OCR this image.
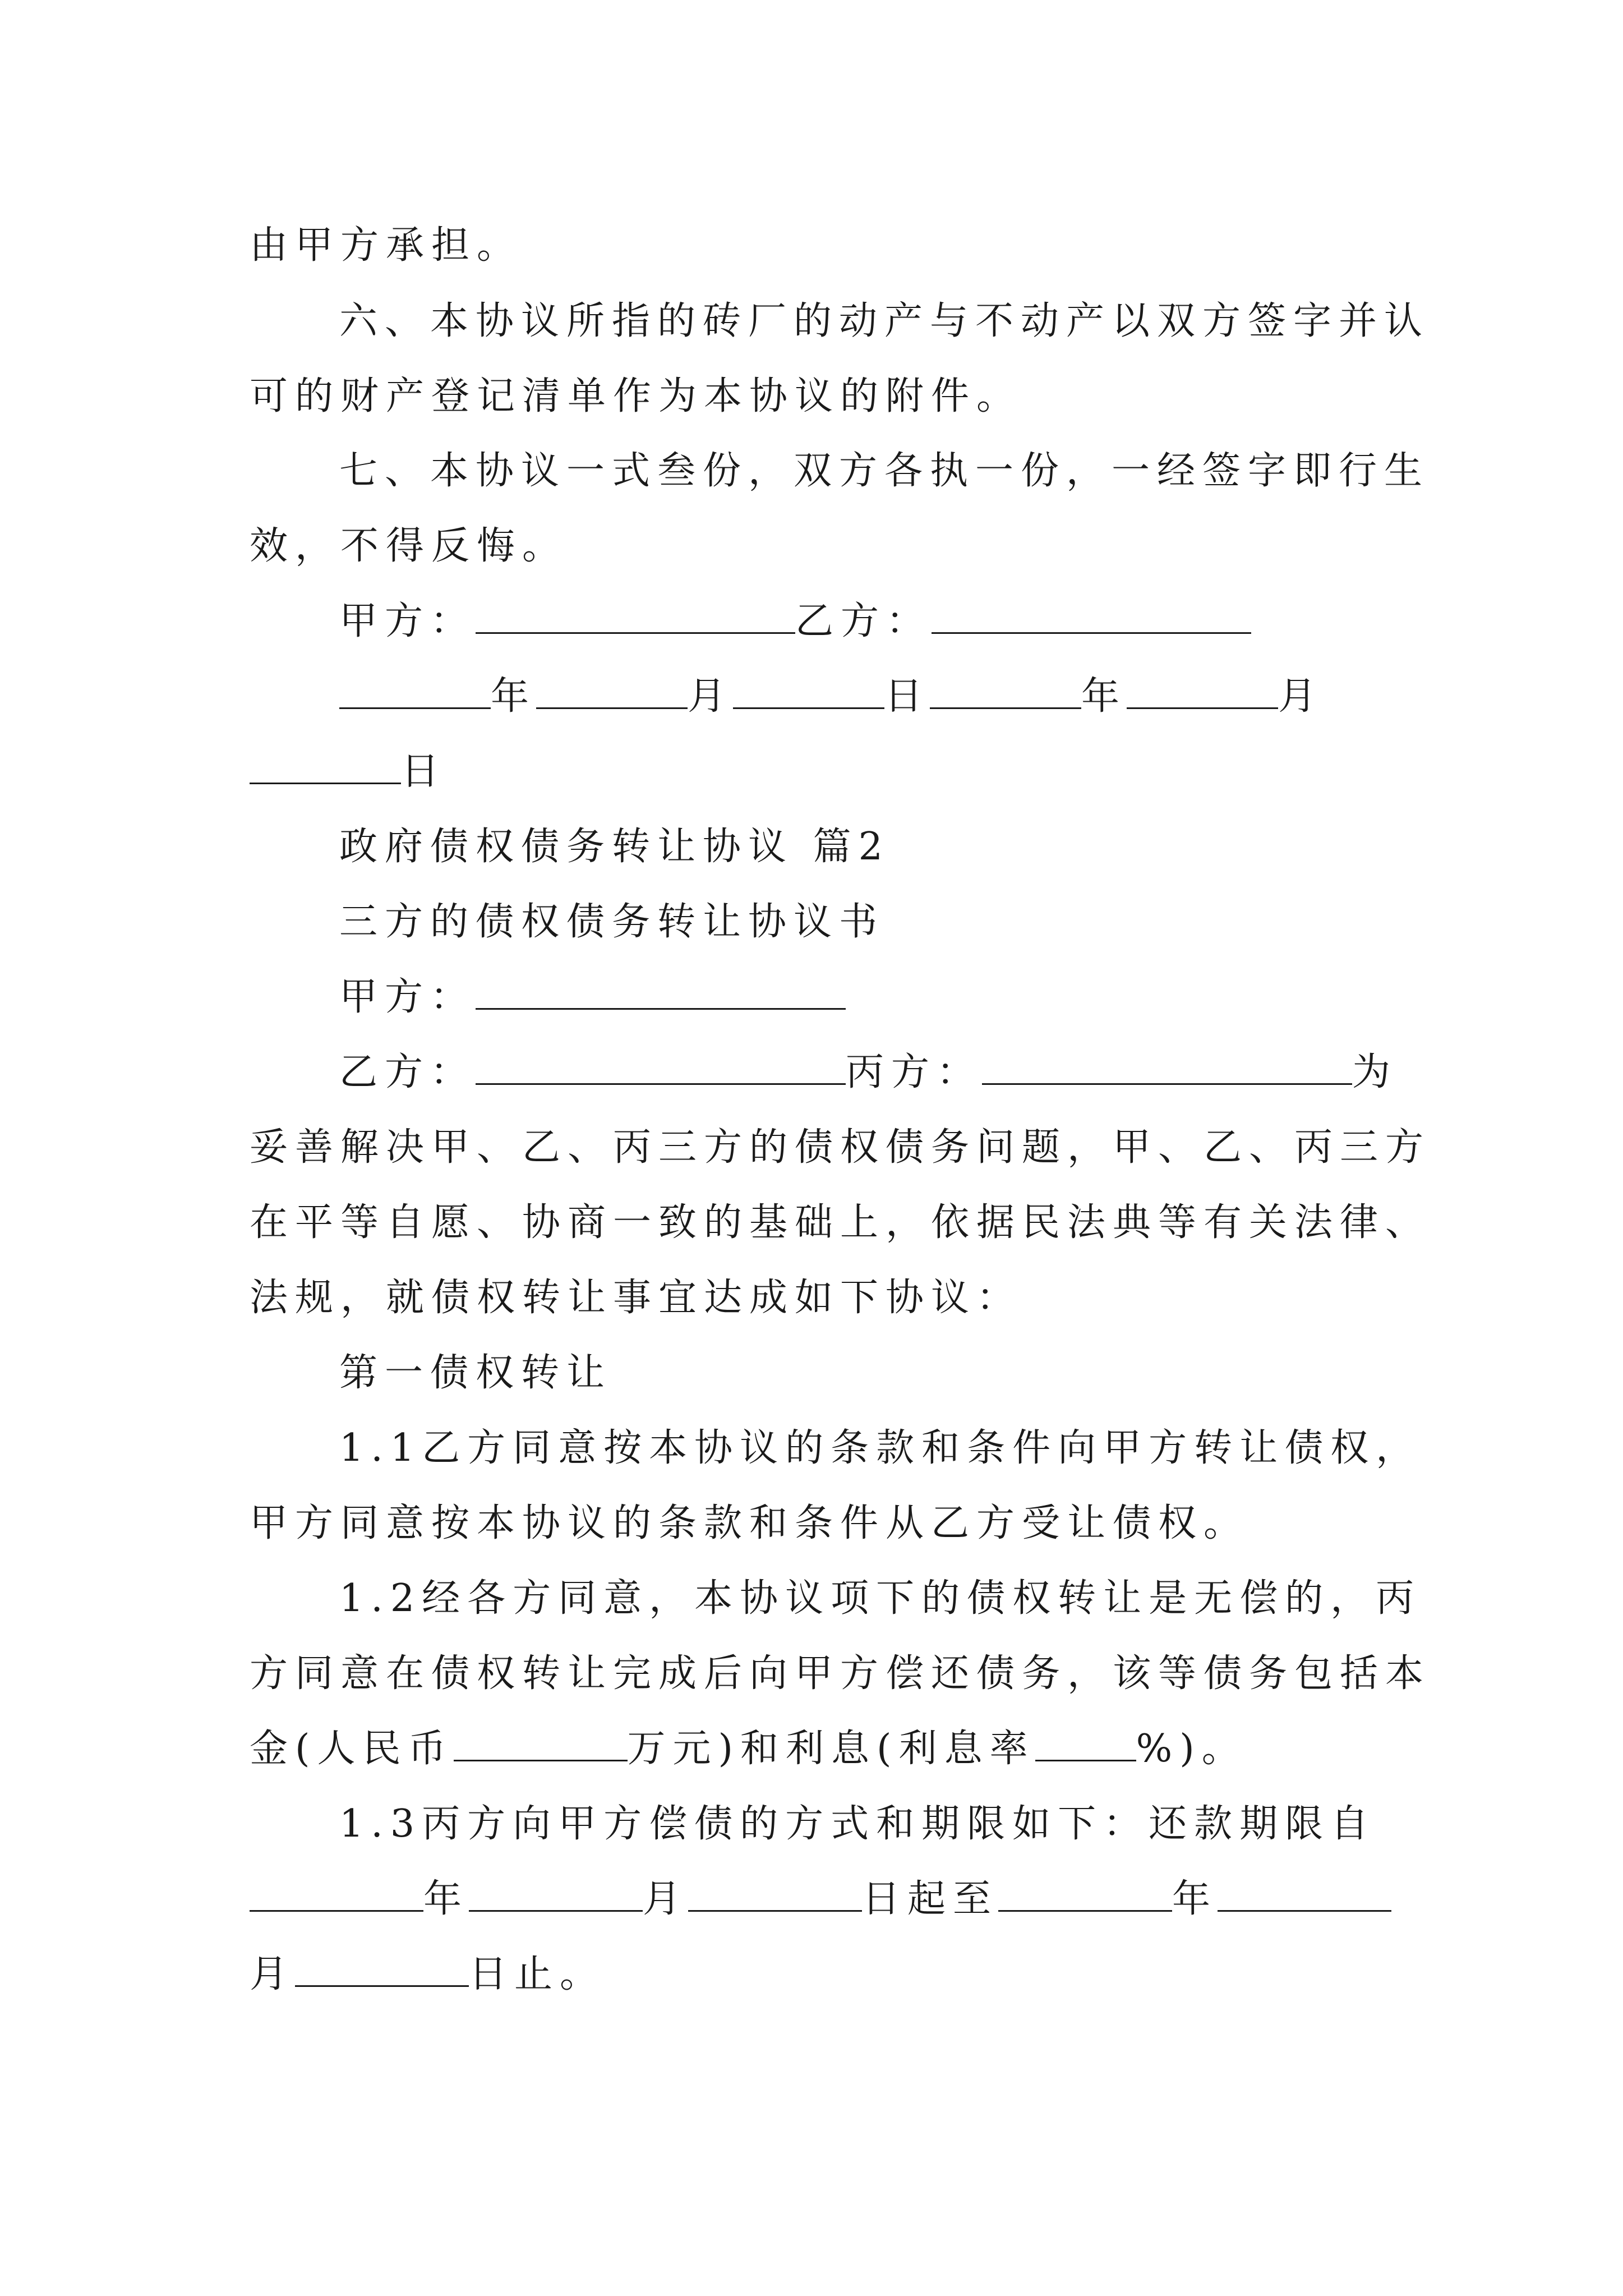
由甲方承担。
六、本协议所指的砖厂的动产与不动产以双方签字并认
可的财产登记清单作为本协议的附件。
七、本协议一式叁份，双方各执一份，一经签字即行生
效，不得反悔。
甲方：	乙方：
年	月	日	年	月
日
政府债权债务转让协议 篇2
三方的债权债务转让协议书
甲方：
乙方：	丙方：	为
妥善解决甲、乙、丙三方的债权债务问题，甲、乙、丙三方
在平等自愿、协商一致的基础上，依据民法典等有关法律、
法规，就债权转让事宜达成如下协议：
第一债权转让
1.1乙方同意按本协议的条款和条件向甲方转让债权，
甲方同意按本协议的条款和条件从乙方受让债权。
1.2经各方同意，本协议项下的债权转让是无偿的，丙
方同意在债权转让完成后向甲方偿还债务，该等债务包括本
金(人民币	万元)和利息(利息率	%)。
1.3丙方向甲方偿债的方式和期限如下：还款期限自
年	月	日起至	年
月	日止。
